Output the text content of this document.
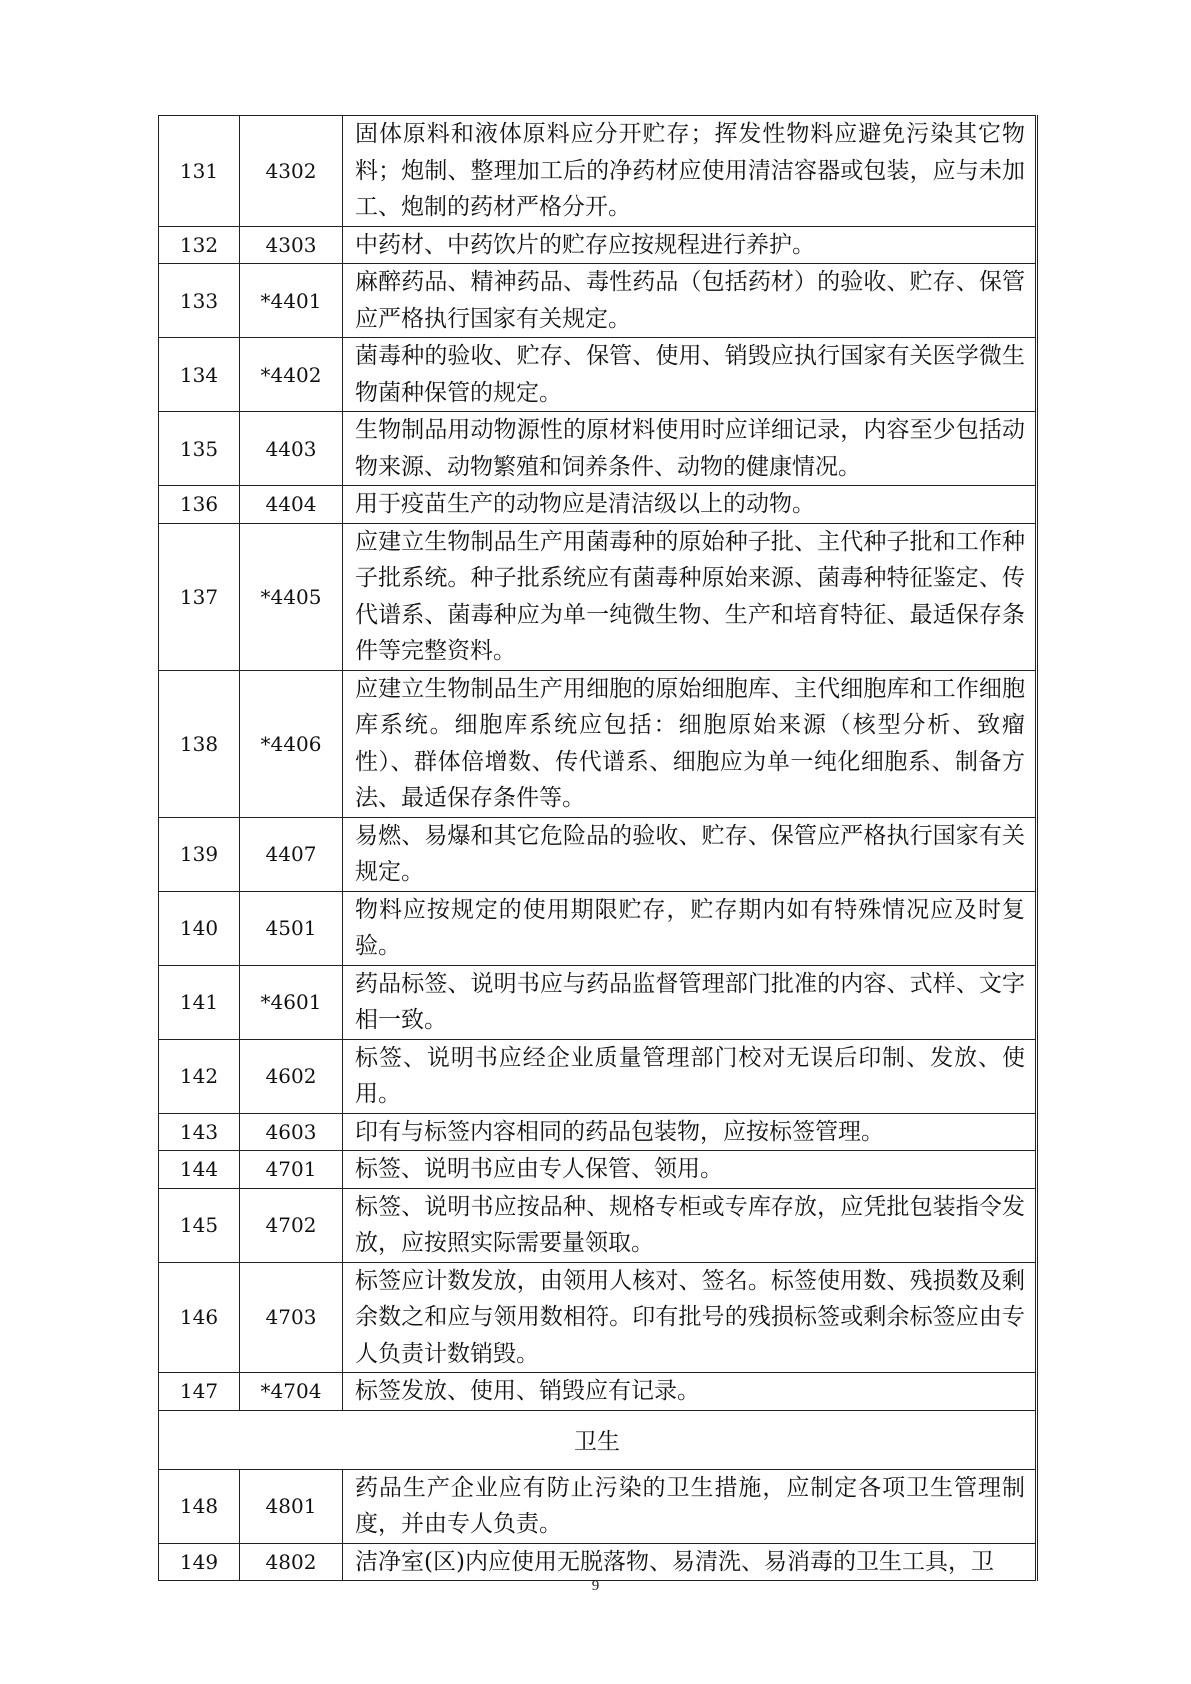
131	4302	固体原料和液体原料应分开贮存；挥发性物料应避免污染其它物料；炮制、整理加工后的净药材应使用清洁容器或包装，应与未加工、炮制的药材严格分开。
132	4303	中药材、中药饮片的贮存应按规程进行养护。
133	*4401	麻醉药品、精神药品、毒性药品（包括药材）的验收、贮存、保管应严格执行国家有关规定。
134	*4402	菌毒种的验收、贮存、保管、使用、销毁应执行国家有关医学微生物菌种保管的规定。
135	4403	生物制品用动物源性的原材料使用时应详细记录，内容至少包括动物来源、动物繁殖和饲养条件、动物的健康情况。
136	4404	用于疫苗生产的动物应是清洁级以上的动物。
137	*4405	应建立生物制品生产用菌毒种的原始种子批、主代种子批和工作种子批系统。种子批系统应有菌毒种原始来源、菌毒种特征鉴定、传代谱系、菌毒种应为单一纯微生物、生产和培育特征、最适保存条件等完整资料。
138	*4406	应建立生物制品生产用细胞的原始细胞库、主代细胞库和工作细胞库系统。细胞库系统应包括：细胞原始来源（核型分析、致瘤性）、群体倍增数、传代谱系、细胞应为单一纯化细胞系、制备方法、最适保存条件等。
139	4407	易燃、易爆和其它危险品的验收、贮存、保管应严格执行国家有关规定。
140	4501	物料应按规定的使用期限贮存，贮存期内如有特殊情况应及时复验。
141	*4601	药品标签、说明书应与药品监督管理部门批准的内容、式样、文字相一致。
142	4602	标签、说明书应经企业质量管理部门校对无误后印制、发放、使用。
143	4603	印有与标签内容相同的药品包装物，应按标签管理。
144	4701	标签、说明书应由专人保管、领用。
145	4702	标签、说明书应按品种、规格专柜或专库存放，应凭批包装指令发放，应按照实际需要量领取。
146	4703	标签应计数发放，由领用人核对、签名。标签使用数、残损数及剩余数之和应与领用数相符。印有批号的残损标签或剩余标签应由专人负责计数销毁。
147	*4704	标签发放、使用、销毁应有记录。
卫生		
148	4801	药品生产企业应有防止污染的卫生措施，应制定各项卫生管理制度，并由专人负责。
149	4802	洁净室(区)内应使用无脱落物、易清洗、易消毒的卫生工具，卫
9
